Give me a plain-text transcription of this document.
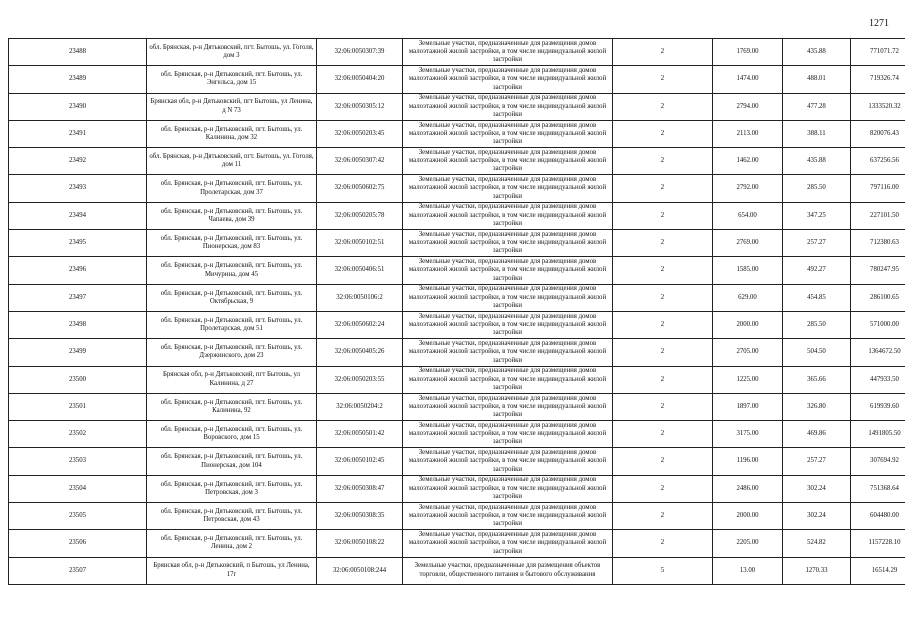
1271
23488	обл. Брянская, р-н Дятьковский, пгт. Бытошь, ул. Гоголя, дом 3	32:06:0050307:39	Земельные участки, предназначенные для размещения домов малоэтажной жилой застройки, в том числе индивидуальной жилой застройки	2	1769.00	435.88	771071.72
23489	обл. Брянская, р-н Дятьковский, пгт. Бытошь, ул. Энгельса, дом 15	32:06:0050404:20	Земельные участки, предназначенные для размещения домов малоэтажной жилой застройки, в том числе индивидуальной жилой застройки	2	1474.00	488.01	719326.74
23490	Брянская обл, р-н Дятьковский, пгт Бытошь, ул Ленина, д N 73	32:06:0050305:12	Земельные участки, предназначенные для размещения домов малоэтажной жилой застройки, в том числе индивидуальной жилой застройки	2	2794.00	477.28	1333520.32
23491	обл. Брянская, р-н Дятьковский, пгт. Бытошь, ул. Калинина, дом 32	32:06:0050203:45	Земельные участки, предназначенные для размещения домов малоэтажной жилой застройки, в том числе индивидуальной жилой застройки	2	2113.00	388.11	820076.43
23492	обл. Брянская, р-н Дятьковский, пгт. Бытошь, ул. Гоголя, дом 11	32:06:0050307:42	Земельные участки, предназначенные для размещения домов малоэтажной жилой застройки, в том числе индивидуальной жилой застройки	2	1462.00	435.88	637256.56
23493	обл. Брянская, р-н Дятьковский, пгт. Бытошь, ул. Пролетарская, дом 37	32:06:0050602:75	Земельные участки, предназначенные для размещения домов малоэтажной жилой застройки, в том числе индивидуальной жилой застройки	2	2792.00	285.50	797116.00
23494	обл. Брянская, р-н Дятьковский, пгт. Бытошь, ул. Чапаева, дом 39	32:06:0050205:78	Земельные участки, предназначенные для размещения домов малоэтажной жилой застройки, в том числе индивидуальной жилой застройки	2	654.00	347.25	227101.50
23495	обл. Брянская, р-н Дятьковский, пгт. Бытошь, ул. Пионерская, дом 83	32:06:0050102:51	Земельные участки, предназначенные для размещения домов малоэтажной жилой застройки, в том числе индивидуальной жилой застройки	2	2769.00	257.27	712380.63
23496	обл. Брянская, р-н Дятьковский, пгт. Бытошь, ул. Мичурина, дом 45	32:06:0050406:51	Земельные участки, предназначенные для размещения домов малоэтажной жилой застройки, в том числе индивидуальной жилой застройки	2	1585.00	492.27	780247.95
23497	обл. Брянская, р-н Дятьковский, пгт. Бытошь, ул. Октябрьская, 9	32:06:0050106:2	Земельные участки, предназначенные для размещения домов малоэтажной жилой застройки, в том числе индивидуальной жилой застройки	2	629.00	454.85	286100.65
23498	обл. Брянская, р-н Дятьковский, пгт. Бытошь, ул. Пролетарская, дом 51	32:06:0050602:24	Земельные участки, предназначенные для размещения домов малоэтажной жилой застройки, в том числе индивидуальной жилой застройки	2	2000.00	285.50	571000.00
23499	обл. Брянская, р-н Дятьковский, пгт. Бытошь, ул. Дзержинского, дом 23	32:06:0050405:26	Земельные участки, предназначенные для размещения домов малоэтажной жилой застройки, в том числе индивидуальной жилой застройки	2	2705.00	504.50	1364672.50
23500	Брянская обл, р-н Дятьковский, пгт Бытошь, ул Калинина, д 27	32:06:0050203:55	Земельные участки, предназначенные для размещения домов малоэтажной жилой застройки, в том числе индивидуальной жилой застройки	2	1225.00	365.66	447933.50
23501	обл. Брянская, р-н Дятьковский, пгт. Бытошь, ул. Калинина, 92	32:06:0050204:2	Земельные участки, предназначенные для размещения домов малоэтажной жилой застройки, в том числе индивидуальной жилой застройки	2	1897.00	326.80	619939.60
23502	обл. Брянская, р-н Дятьковский, пгт. Бытошь, ул. Воровского, дом 15	32:06:0050501:42	Земельные участки, предназначенные для размещения домов малоэтажной жилой застройки, в том числе индивидуальной жилой застройки	2	3175.00	469.86	1491805.50
23503	обл. Брянская, р-н Дятьковский, пгт. Бытошь, ул. Пионерская, дом 104	32:06:0050102:45	Земельные участки, предназначенные для размещения домов малоэтажной жилой застройки, в том числе индивидуальной жилой застройки	2	1196.00	257.27	307694.92
23504	обл. Брянская, р-н Дятьковский, пгт. Бытошь, ул. Петровская, дом 3	32:06:0050308:47	Земельные участки, предназначенные для размещения домов малоэтажной жилой застройки, в том числе индивидуальной жилой застройки	2	2486.00	302.24	751368.64
23505	обл. Брянская, р-н Дятьковский, пгт. Бытошь, ул. Петровская, дом 43	32:06:0050308:35	Земельные участки, предназначенные для размещения домов малоэтажной жилой застройки, в том числе индивидуальной жилой застройки	2	2000.00	302.24	604480.00
23506	обл. Брянская, р-н Дятьковский, пгт. Бытошь, ул. Ленина, дом 2	32:06:0050108:22	Земельные участки, предназначенные для размещения домов малоэтажной жилой застройки, в том числе индивидуальной жилой застройки	2	2205.00	524.82	1157228.10
23507	Брянская обл, р-н Дятьковский, п Бытошь, ул Ленина, 17г	32:06:0050108:244	Земельные участки, предназначенные для размещения объектов торговли, общественного питания и бытового обслуживания	5	13.00	1270.33	16514.29
